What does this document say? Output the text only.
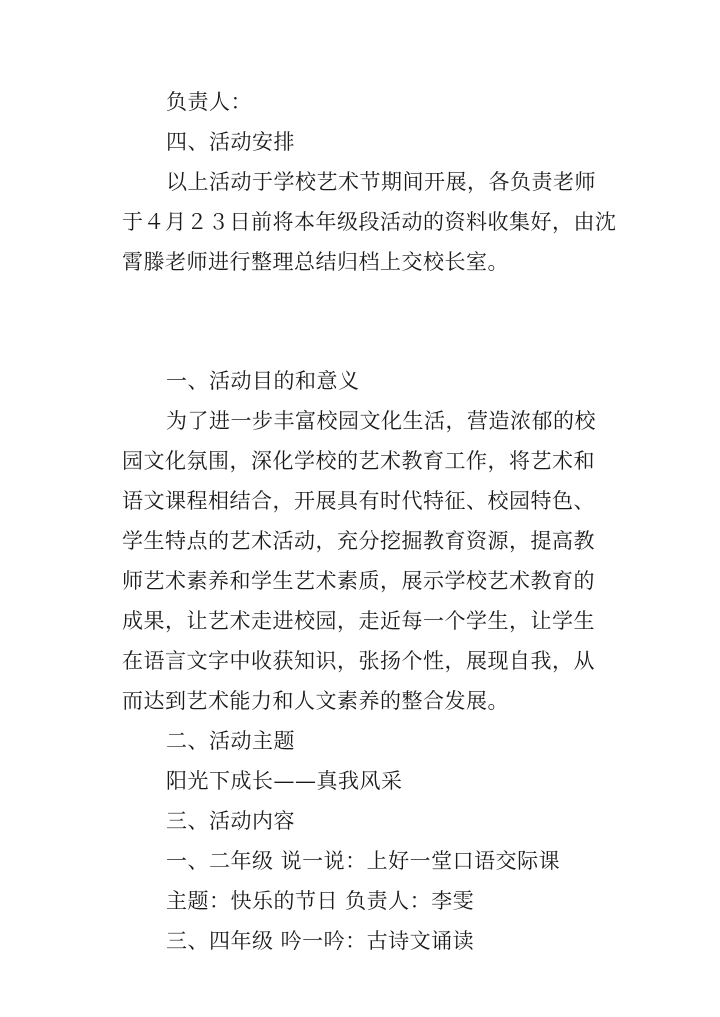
负责人：
四、活动安排
以上活动于学校艺术节期间开展，各负责老师
于４月２３日前将本年级段活动的资料收集好，由沈
霄滕老师进行整理总结归档上交校长室。
一、活动目的和意义
为了进一步丰富校园文化生活，营造浓郁的校
园文化氛围，深化学校的艺术教育工作，将艺术和
语文课程相结合，开展具有时代特征、校园特色、
学生特点的艺术活动，充分挖掘教育资源，提高教
师艺术素养和学生艺术素质，展示学校艺术教育的
成果，让艺术走进校园，走近每一个学生，让学生
在语言文字中收获知识，张扬个性，展现自我，从
而达到艺术能力和人文素养的整合发展。
二、活动主题
阳光下成长——真我风采
三、活动内容
一、二年级 说一说：上好一堂口语交际课
主题：快乐的节日 负责人：李雯
三、四年级 吟一吟：古诗文诵读
